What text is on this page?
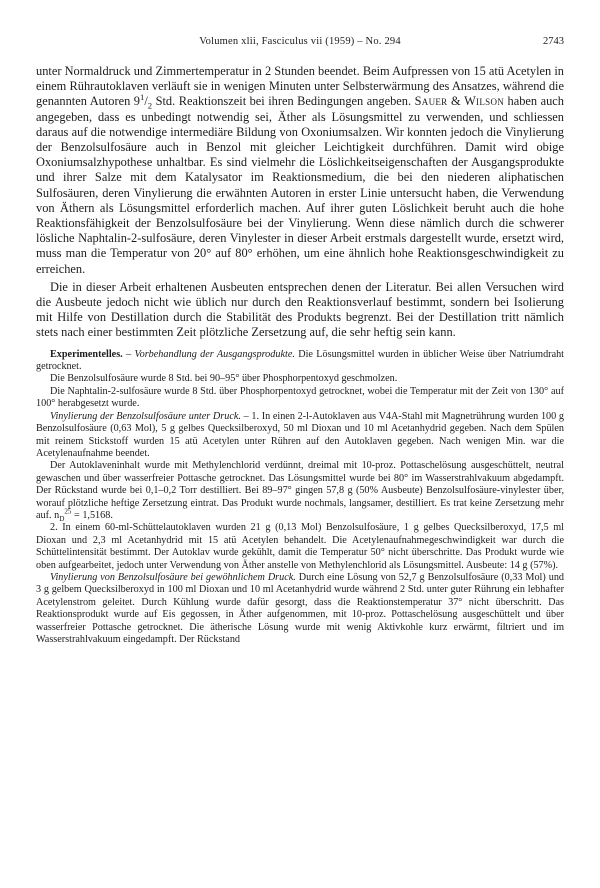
Volumen xlii, Fasciculus vii (1959) – No. 294	2743

unter Normaldruck und Zimmertemperatur in 2 Stunden beendet. Beim Aufpressen von 15 atü Acetylen in einem Rührautoklaven verläuft sie in wenigen Minuten unter Selbsterwärmung des Ansatzes, während die genannten Autoren $9^1/_2$ Std. Reaktionszeit bei ihren Bedingungen angeben. Sauer & Wilson haben auch angegeben, dass es unbedingt notwendig sei, Äther als Lösungsmittel zu verwenden, und schliessen daraus auf die notwendige intermediäre Bildung von Oxoniumsalzen. Wir konnten jedoch die Vinylierung der Benzolsulfosäure auch in Benzol mit gleicher Leichtigkeit durchführen. Damit wird obige Oxoniumsalzhypothese unhaltbar. Es sind vielmehr die Löslichkeitseigenschaften der Ausgangsprodukte und ihrer Salze mit dem Katalysator im Reaktionsmedium, die bei den niederen aliphatischen Sulfosäuren, deren Vinylierung die erwähnten Autoren in erster Linie untersucht haben, die Verwendung von Äthern als Lösungsmittel erforderlich machen. Auf ihrer guten Löslichkeit beruht auch die hohe Reaktionsfähigkeit der Benzolsulfosäure bei der Vinylierung. Wenn diese nämlich durch die schwerer lösliche Naphtalin-2-sulfosäure, deren Vinylester in dieser Arbeit erstmals dargestellt wurde, ersetzt wird, muss man die Temperatur von 20° auf 80° erhöhen, um eine ähnlich hohe Reaktionsgeschwindigkeit zu erreichen.

Die in dieser Arbeit erhaltenen Ausbeuten entsprechen denen der Literatur. Bei allen Versuchen wird die Ausbeute jedoch nicht wie üblich nur durch den Reaktionsverlauf bestimmt, sondern bei Isolierung mit Hilfe von Destillation durch die Stabilität des Produkts begrenzt. Bei der Destillation tritt nämlich stets nach einer bestimmten Zeit plötzliche Zersetzung auf, die sehr heftig sein kann.

Experimentelles. – Vorbehandlung der Ausgangsprodukte. Die Lösungsmittel wurden in üblicher Weise über Natriumdraht getrocknet.

Die Benzolsulfosäure wurde 8 Std. bei 90–95° über Phosphorpentoxyd geschmolzen.

Die Naphtalin-2-sulfosäure wurde 8 Std. über Phosphorpentoxyd getrocknet, wobei die Temperatur mit der Zeit von 130° auf 100° herabgesetzt wurde.

Vinylierung der Benzolsulfosäure unter Druck. – 1. In einen 2-l-Autoklaven aus V4A-Stahl mit Magnetrührung wurden 100 g Benzolsulfosäure (0,63 Mol), 5 g gelbes Quecksilberoxyd, 50 ml Dioxan und 10 ml Acetanhydrid gegeben. Nach dem Spülen mit reinem Stickstoff wurden 15 atü Acetylen unter Rühren auf den Autoklaven gegeben. Nach wenigen Min. war die Acetylenaufnahme beendet.

Der Autoklaveninhalt wurde mit Methylenchlorid verdünnt, dreimal mit 10-proz. Pottaschelösung ausgeschüttelt, neutral gewaschen und über wasserfreier Pottasche getrocknet. Das Lösungsmittel wurde bei 80° im Wasserstrahlvakuum abgedampft. Der Rückstand wurde bei 0,1–0,2 Torr destilliert. Bei 89–97° gingen 57,8 g (50% Ausbeute) Benzolsulfosäure-vinylester über, worauf plötzliche heftige Zersetzung eintrat. Das Produkt wurde nochmals, langsamer, destilliert. Es trat keine Zersetzung mehr auf. $n_D^{25} = 1,5168$.

2. In einem 60-ml-Schüttelautoklaven wurden 21 g (0,13 Mol) Benzolsulfosäure, 1 g gelbes Quecksilberoxyd, 17,5 ml Dioxan und 2,3 ml Acetanhydrid mit 15 atü Acetylen behandelt. Die Acetylenaufnahmegeschwindigkeit war durch die Schüttelintensität bestimmt. Der Autoklav wurde gekühlt, damit die Temperatur 50° nicht überschritte. Das Produkt wurde wie oben aufgearbeitet, jedoch unter Verwendung von Äther anstelle von Methylenchlorid als Lösungsmittel. Ausbeute: 14 g (57%).

Vinylierung von Benzolsulfosäure bei gewöhnlichem Druck. Durch eine Lösung von 52,7 g Benzolsulfosäure (0,33 Mol) und 3 g gelbem Quecksilberoxyd in 100 ml Dioxan und 10 ml Acetanhydrid wurde während 2 Std. unter guter Rührung ein lebhafter Acetylenstrom geleitet. Durch Kühlung wurde dafür gesorgt, dass die Reaktionstemperatur 37° nicht überschritt. Das Reaktionsprodukt wurde auf Eis gegossen, in Äther aufgenommen, mit 10-proz. Pottaschelösung ausgeschüttelt und über wasserfreier Pottasche getrocknet. Die ätherische Lösung wurde mit wenig Aktivkohle kurz erwärmt, filtriert und im Wasserstrahlvakuum eingedampft. Der Rückstand
